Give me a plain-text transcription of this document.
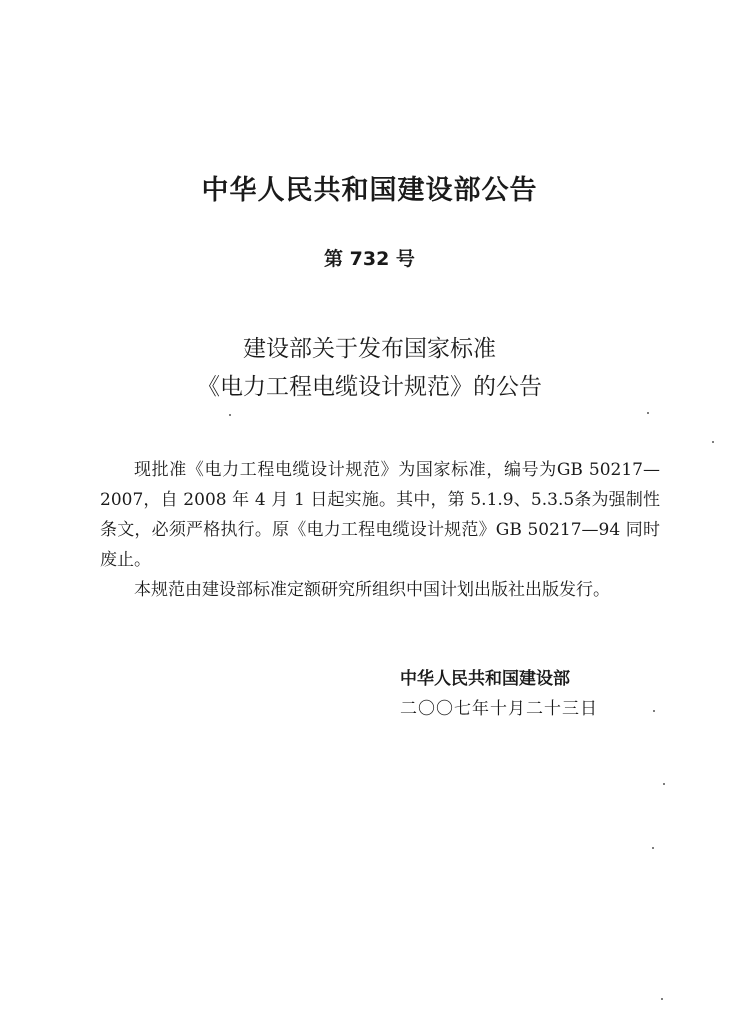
中华人民共和国建设部公告
第 732 号
建设部关于发布国家标准
《电力工程电缆设计规范》的公告
现批准《电力工程电缆设计规范》为国家标准，编号为GB 50217—2007，自 2008 年 4 月 1 日起实施。其中，第 5.1.9、5.3.5条为强制性条文，必须严格执行。原《电力工程电缆设计规范》GB 50217—94 同时废止。
本规范由建设部标准定额研究所组织中国计划出版社出版发行。
中华人民共和国建设部
二〇〇七年十月二十三日
